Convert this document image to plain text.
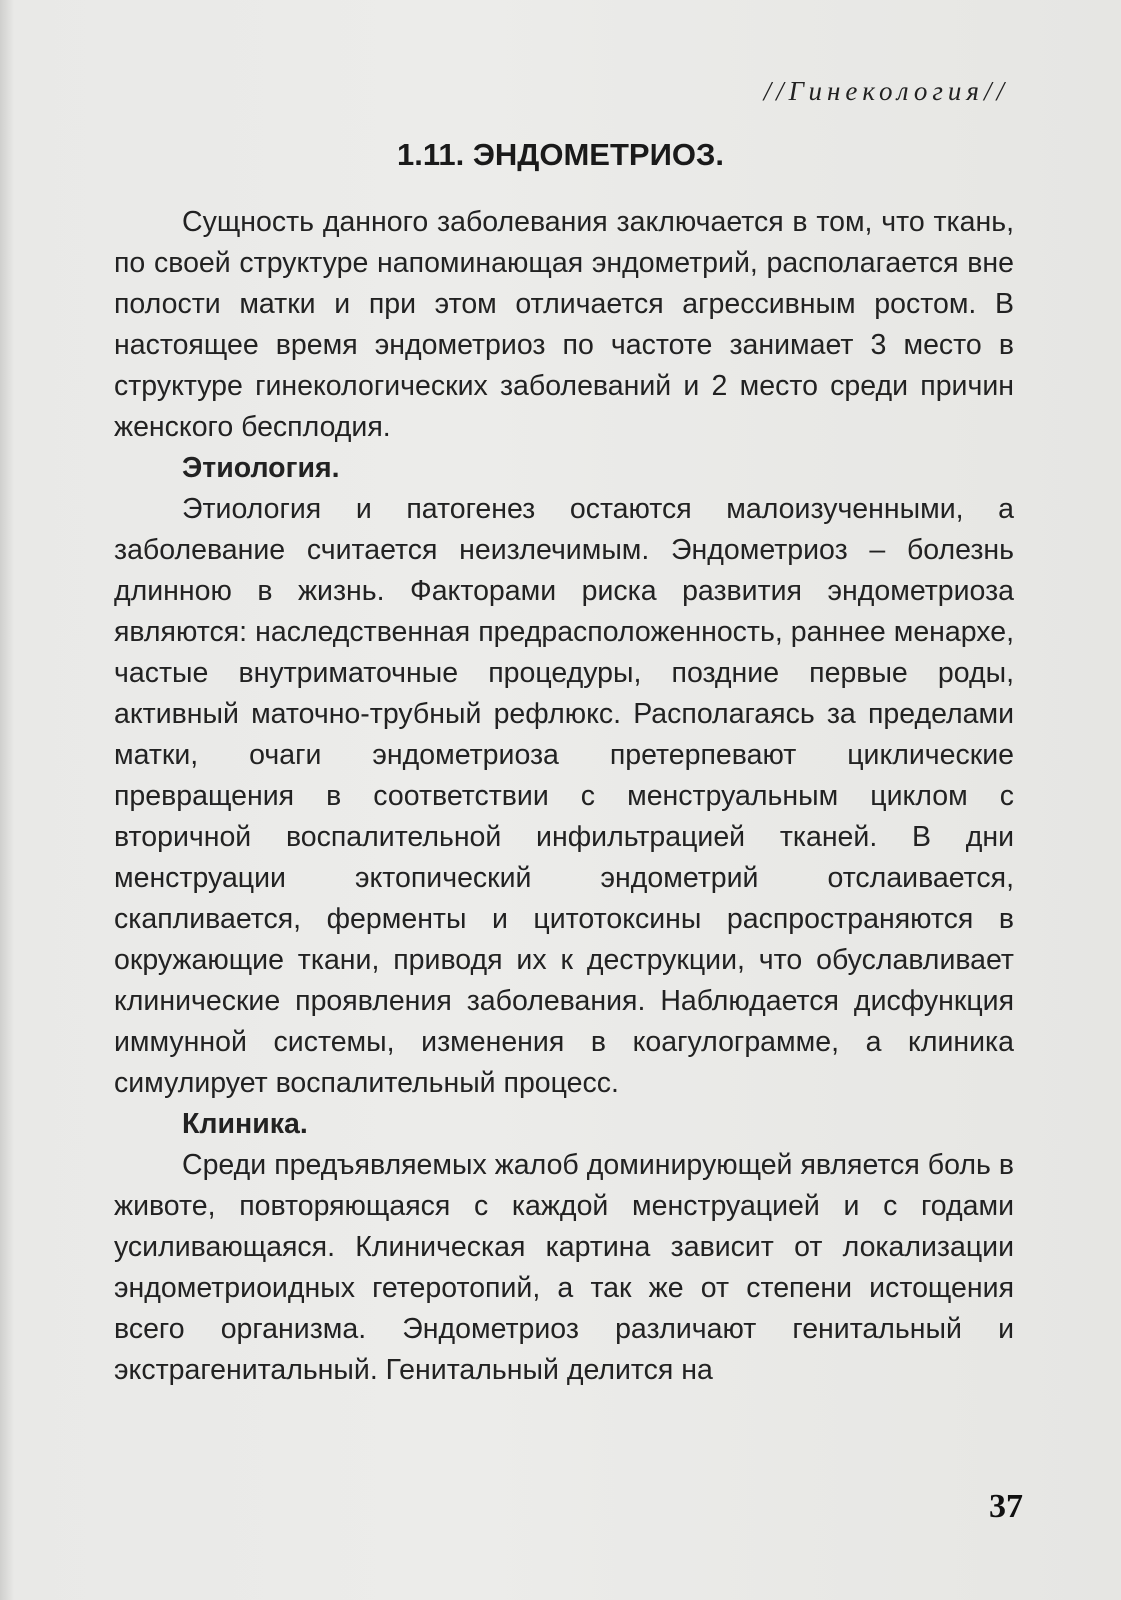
//Гинекология//
1.11. ЭНДОМЕТРИОЗ.

Сущность данного заболевания заключается в том, что ткань, по своей структуре напоминающая эндометрий, располагается вне полости матки и при этом отличается агрессивным ростом. В настоящее время эндометриоз по частоте занимает 3 место в структуре гинекологических заболеваний и 2 место среди причин женского бесплодия.

Этиология.

Этиология и патогенез остаются малоизученными, а заболевание считается неизлечимым. Эндометриоз – болезнь длинною в жизнь. Факторами риска развития эндометриоза являются: наследственная предрасположенность, раннее менархе, частые внутриматочные процедуры, поздние первые роды, активный маточно-трубный рефлюкс. Располагаясь за пределами матки, очаги эндометриоза претерпевают циклические превращения в соответствии с менструальным циклом с вторичной воспалительной инфильтрацией тканей. В дни менструации эктопический эндометрий отслаивается, скапливается, ферменты и цитотоксины распространяются в окружающие ткани, приводя их к деструкции, что обуславливает клинические проявления заболевания. Наблюдается дисфункция иммунной системы, изменения в коагулограмме, а клиника симулирует воспалительный процесс.

Клиника.

Среди предъявляемых жалоб доминирующей является боль в животе, повторяющаяся с каждой менструацией и с годами усиливающаяся. Клиническая картина зависит от локализации эндометриоидных гетеротопий, а так же от степени истощения всего организма. Эндометриоз различают генитальный и экстрагенитальный. Генитальный делится на

37
